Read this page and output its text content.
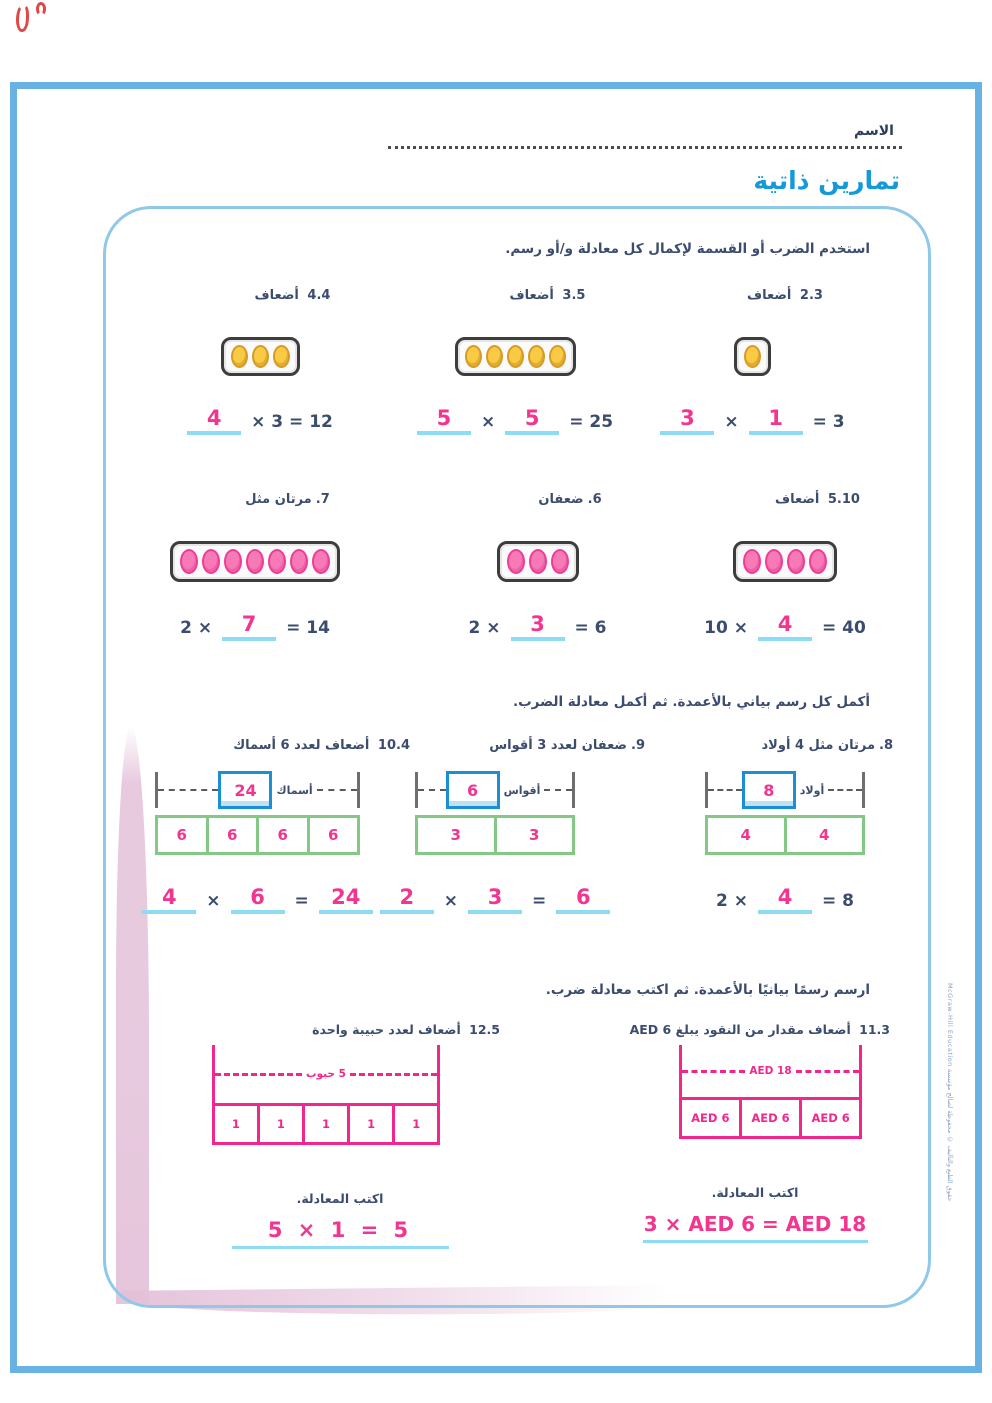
الاسم
تمارين ذاتية
استخدم الضرب أو القسمة لإكمال كل معادلة و/أو رسم.
2.3 أضعاف
3	×	1	= 3
3.5 أضعاف
5	×	5	= 25
4.4 أضعاف
4	× 3 = 12
5.10 أضعاف
10 ×	4	= 40
6.ضعفان
2 ×	3	= 6
7.مرتان مثل
2 ×	7	= 14
أكمل كل رسم بياني بالأعمدة. ثم أكمل معادلة الضرب.
8.مرتان مثل 4 أولاد
أولاد
8
4
4
2 ×	4	= 8
9.ضعفان لعدد 3 أقواس
أقواس
6
3
3
2	×	3	=	6
10.4 أضعاف لعدد 6 أسماك
أسماك
24
6
6
6
6
4	×	6	=	24
ارسم رسمًا بيانيًا بالأعمدة. ثم اكتب معادلة ضرب.
11.3 أضعاف مقدار من النقود يبلغ AED 6
AED 18
AED 6
AED 6
AED 6
اكتب المعادلة.
3 × AED 6 = AED 18
12.5 أضعاف لعدد حبيبة واحدة
5 حبوب
1
1
1
1
1
اكتب المعادلة.
5 × 1 = 5
حقوق الطبع والتأليف © محفوظة لصالح مؤسسة McGraw-Hill Education
